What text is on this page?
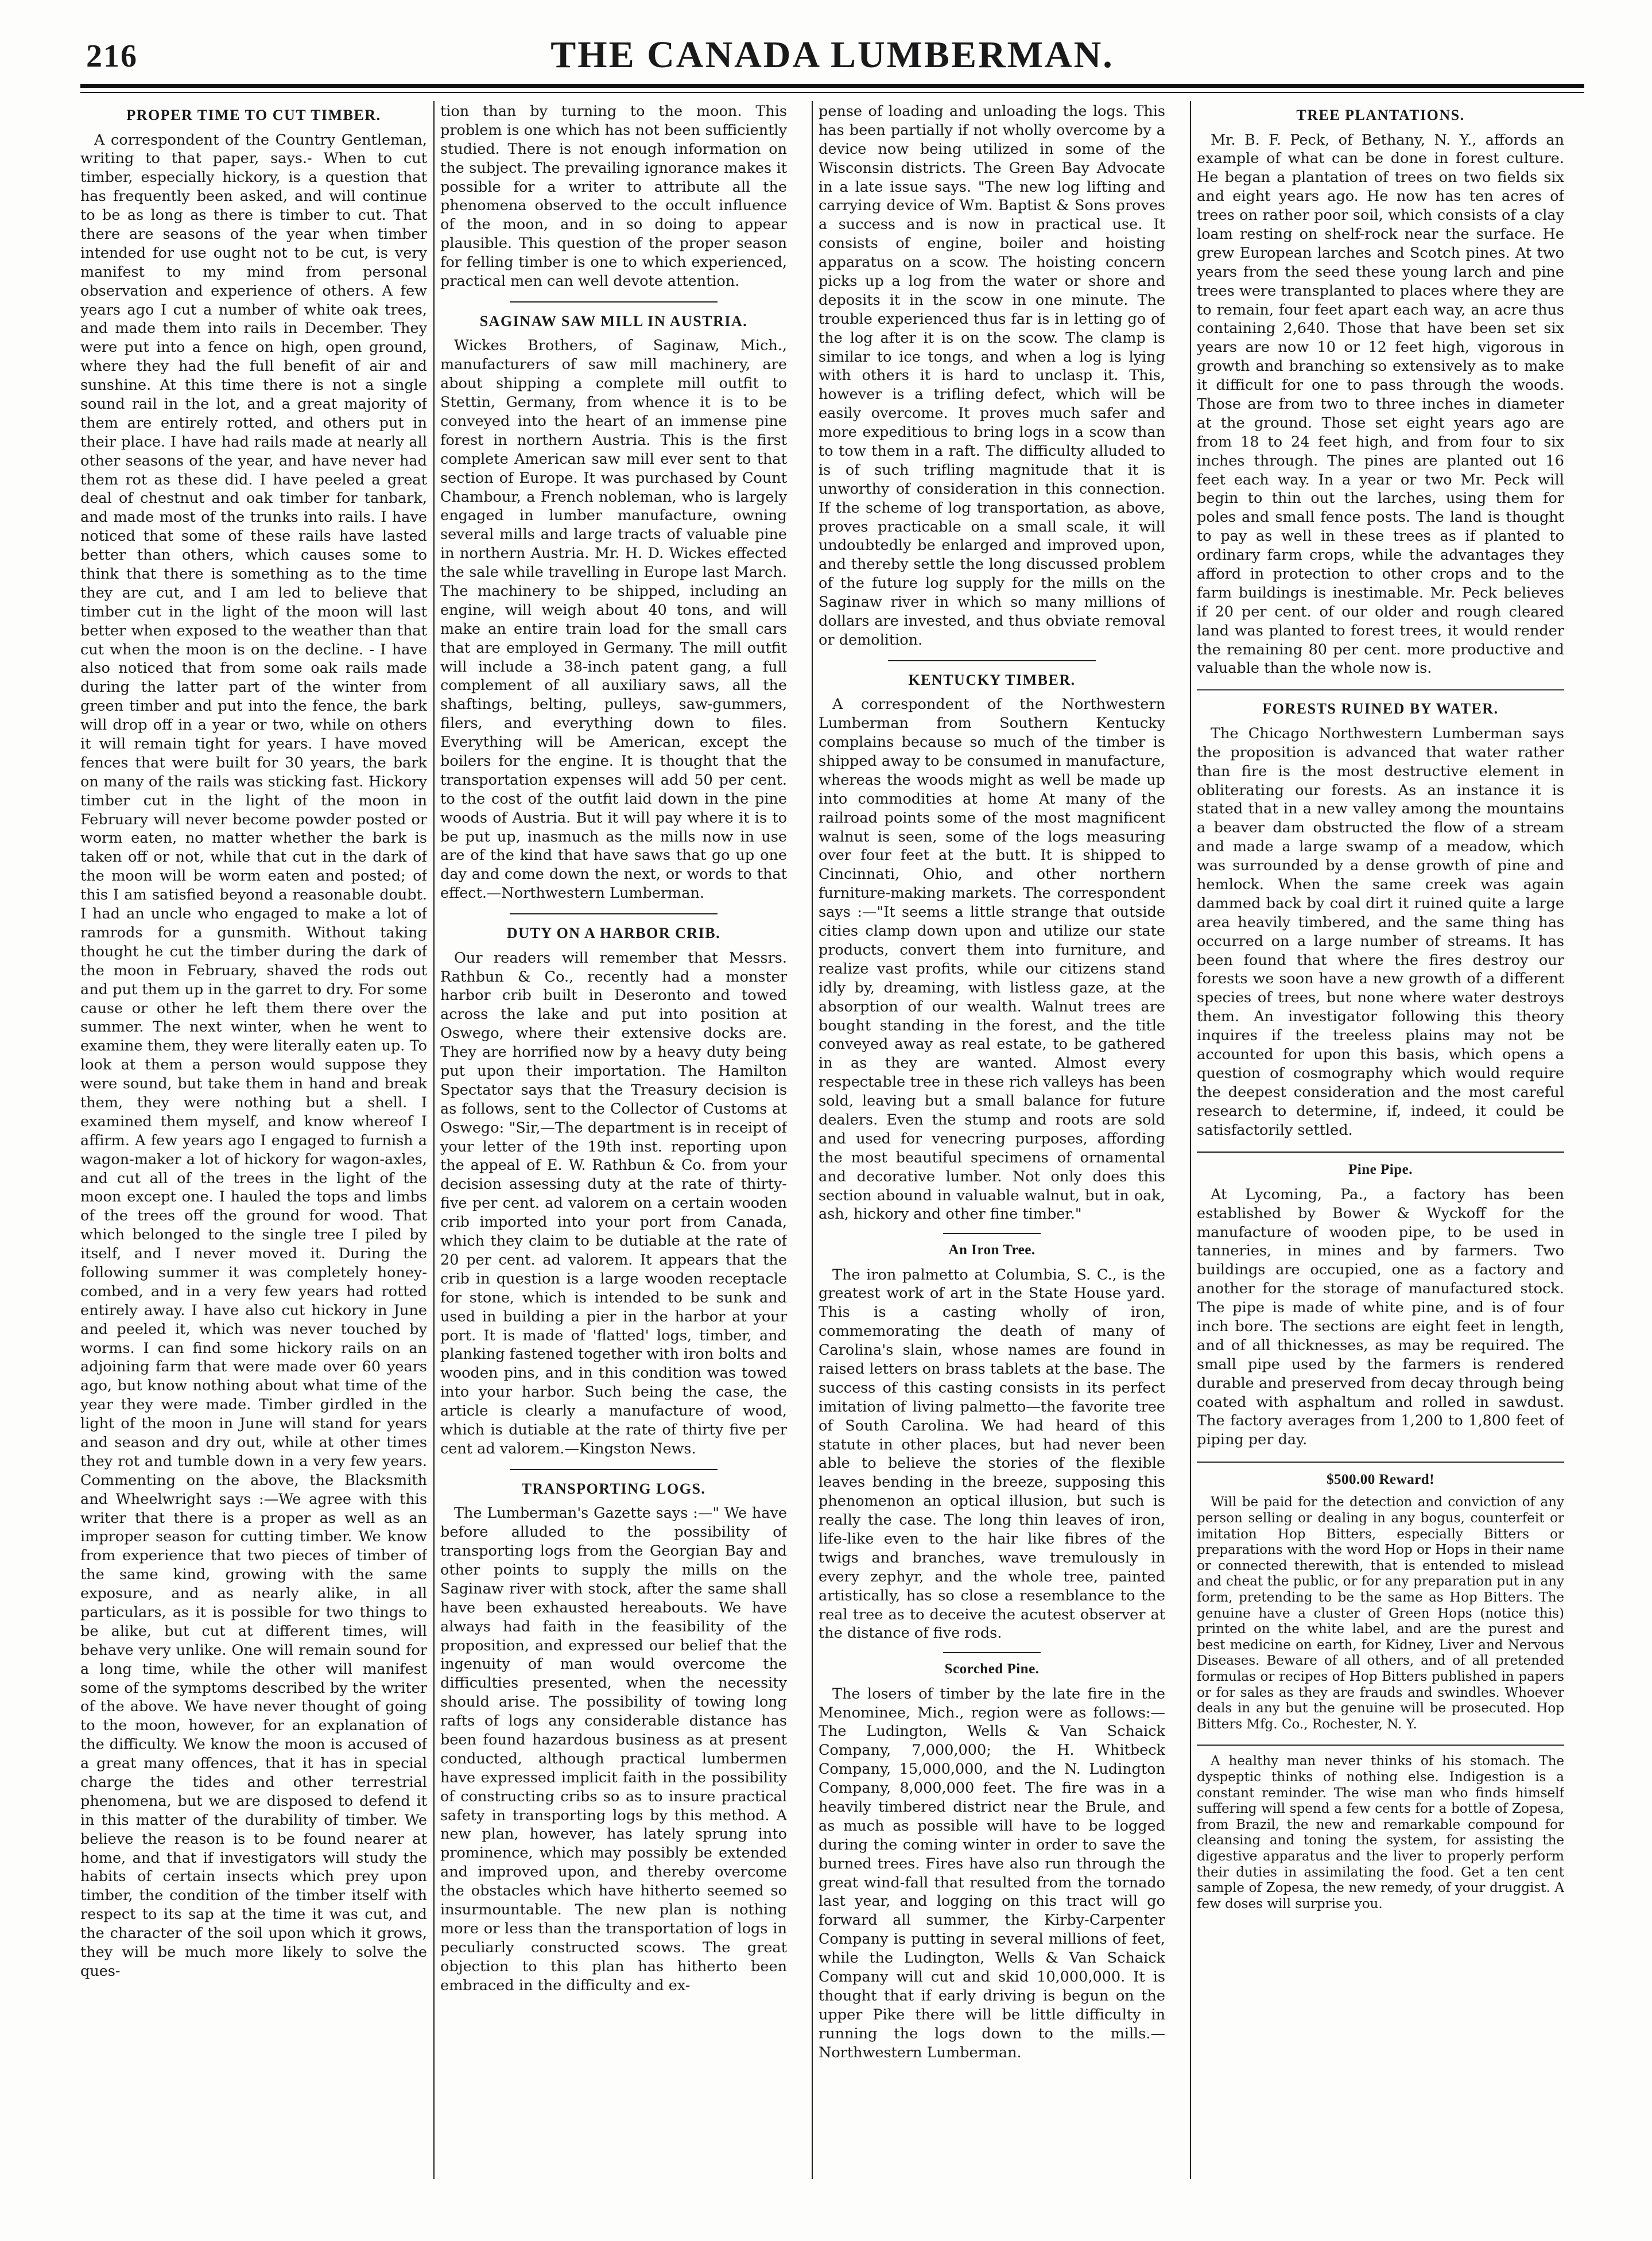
216	THE CANADA LUMBERMAN.
PROPER TIME TO CUT TIMBER.

A correspondent of the Country Gentleman, writing to that paper, says.- When to cut timber, especially hickory, is a question that has frequently been asked, and will continue to be as long as there is timber to cut. That there are seasons of the year when timber intended for use ought not to be cut, is very manifest to my mind from personal observation and experience of others. A few years ago I cut a number of white oak trees, and made them into rails in December. They were put into a fence on high, open ground, where they had the full benefit of air and sunshine. At this time there is not a single sound rail in the lot, and a great majority of them are entirely rotted, and others put in their place. I have had rails made at nearly all other seasons of the year, and have never had them rot as these did. I have peeled a great deal of chestnut and oak timber for tanbark, and made most of the trunks into rails. I have noticed that some of these rails have lasted better than others, which causes some to think that there is something as to the time they are cut, and I am led to believe that timber cut in the light of the moon will last better when exposed to the weather than that cut when the moon is on the decline. - I have also noticed that from some oak rails made during the latter part of the winter from green timber and put into the fence, the bark will drop off in a year or two, while on others it will remain tight for years. I have moved fences that were built for 30 years, the bark on many of the rails was sticking fast. Hickory timber cut in the light of the moon in February will never become powder posted or worm eaten, no matter whether the bark is taken off or not, while that cut in the dark of the moon will be worm eaten and posted; of this I am satisfied beyond a reasonable doubt. I had an uncle who engaged to make a lot of ramrods for a gunsmith. Without taking thought he cut the timber during the dark of the moon in February, shaved the rods out and put them up in the garret to dry. For some cause or other he left them there over the summer. The next winter, when he went to examine them, they were literally eaten up. To look at them a person would suppose they were sound, but take them in hand and break them, they were nothing but a shell. I examined them myself, and know whereof I affirm. A few years ago I engaged to furnish a wagon-maker a lot of hickory for wagon-axles, and cut all of the trees in the light of the moon except one. I hauled the tops and limbs of the trees off the ground for wood. That which belonged to the single tree I piled by itself, and I never moved it. During the following summer it was completely honey-combed, and in a very few years had rotted entirely away. I have also cut hickory in June and peeled it, which was never touched by worms. I can find some hickory rails on an adjoining farm that were made over 60 years ago, but know nothing about what time of the year they were made. Timber girdled in the light of the moon in June will stand for years and season and dry out, while at other times they rot and tumble down in a very few years. Commenting on the above, the Blacksmith and Wheelwright says :—We agree with this writer that there is a proper as well as an improper season for cutting timber. We know from experience that two pieces of timber of the same kind, growing with the same exposure, and as nearly alike, in all particulars, as it is possible for two things to be alike, but cut at different times, will behave very unlike. One will remain sound for a long time, while the other will manifest some of the symptoms described by the writer of the above. We have never thought of going to the moon, however, for an explanation of the difficulty. We know the moon is accused of a great many offences, that it has in special charge the tides and other terrestrial phenomena, but we are disposed to defend it in this matter of the durability of timber. We believe the reason is to be found nearer at home, and that if investigators will study the habits of certain insects which prey upon timber, the condition of the timber itself with respect to its sap at the time it was cut, and the character of the soil upon which it grows, they will be much more likely to solve the ques-

tion than by turning to the moon. This problem is one which has not been sufficiently studied. There is not enough information on the subject. The prevailing ignorance makes it possible for a writer to attribute all the phenomena observed to the occult influence of the moon, and in so doing to appear plausible. This question of the proper season for felling timber is one to which experienced, practical men can well devote attention.

SAGINAW SAW MILL IN AUSTRIA.

Wickes Brothers, of Saginaw, Mich., manufacturers of saw mill machinery, are about shipping a complete mill outfit to Stettin, Germany, from whence it is to be conveyed into the heart of an immense pine forest in northern Austria. This is the first complete American saw mill ever sent to that section of Europe. It was purchased by Count Chambour, a French nobleman, who is largely engaged in lumber manufacture, owning several mills and large tracts of valuable pine in northern Austria. Mr. H. D. Wickes effected the sale while travelling in Europe last March. The machinery to be shipped, including an engine, will weigh about 40 tons, and will make an entire train load for the small cars that are employed in Germany. The mill outfit will include a 38-inch patent gang, a full complement of all auxiliary saws, all the shaftings, belting, pulleys, saw-gummers, filers, and everything down to files. Everything will be American, except the boilers for the engine. It is thought that the transportation expenses will add 50 per cent. to the cost of the outfit laid down in the pine woods of Austria. But it will pay where it is to be put up, inasmuch as the mills now in use are of the kind that have saws that go up one day and come down the next, or words to that effect.—Northwestern Lumberman.

DUTY ON A HARBOR CRIB.

Our readers will remember that Messrs. Rathbun & Co., recently had a monster harbor crib built in Deseronto and towed across the lake and put into position at Oswego, where their extensive docks are. They are horrified now by a heavy duty being put upon their importation. The Hamilton Spectator says that the Treasury decision is as follows, sent to the Collector of Customs at Oswego: "Sir,—The department is in receipt of your letter of the 19th inst. reporting upon the appeal of E. W. Rathbun & Co. from your decision assessing duty at the rate of thirty-five per cent. ad valorem on a certain wooden crib imported into your port from Canada, which they claim to be dutiable at the rate of 20 per cent. ad valorem. It appears that the crib in question is a large wooden receptacle for stone, which is intended to be sunk and used in building a pier in the harbor at your port. It is made of 'flatted' logs, timber, and planking fastened together with iron bolts and wooden pins, and in this condition was towed into your harbor. Such being the case, the article is clearly a manufacture of wood, which is dutiable at the rate of thirty five per cent ad valorem.—Kingston News.

TRANSPORTING LOGS.

The Lumberman's Gazette says :—" We have before alluded to the possibility of transporting logs from the Georgian Bay and other points to supply the mills on the Saginaw river with stock, after the same shall have been exhausted hereabouts. We have always had faith in the feasibility of the proposition, and expressed our belief that the ingenuity of man would overcome the difficulties presented, when the necessity should arise. The possibility of towing long rafts of logs any considerable distance has been found hazardous business as at present conducted, although practical lumbermen have expressed implicit faith in the possibility of constructing cribs so as to insure practical safety in transporting logs by this method. A new plan, however, has lately sprung into prominence, which may possibly be extended and improved upon, and thereby overcome the obstacles which have hitherto seemed so insurmountable. The new plan is nothing more or less than the transportation of logs in peculiarly constructed scows. The great objection to this plan has hitherto been embraced in the difficulty and ex-

pense of loading and unloading the logs. This has been partially if not wholly overcome by a device now being utilized in some of the Wisconsin districts. The Green Bay Advocate in a late issue says. "The new log lifting and carrying device of Wm. Baptist & Sons proves a success and is now in practical use. It consists of engine, boiler and hoisting apparatus on a scow. The hoisting concern picks up a log from the water or shore and deposits it in the scow in one minute. The trouble experienced thus far is in letting go of the log after it is on the scow. The clamp is similar to ice tongs, and when a log is lying with others it is hard to unclasp it. This, however is a trifling defect, which will be easily overcome. It proves much safer and more expeditious to bring logs in a scow than to tow them in a raft. The difficulty alluded to is of such trifling magnitude that it is unworthy of consideration in this connection. If the scheme of log transportation, as above, proves practicable on a small scale, it will undoubtedly be enlarged and improved upon, and thereby settle the long discussed problem of the future log supply for the mills on the Saginaw river in which so many millions of dollars are invested, and thus obviate removal or demolition.

KENTUCKY TIMBER.

A correspondent of the Northwestern Lumberman from Southern Kentucky complains because so much of the timber is shipped away to be consumed in manufacture, whereas the woods might as well be made up into commodities at home At many of the railroad points some of the most magnificent walnut is seen, some of the logs measuring over four feet at the butt. It is shipped to Cincinnati, Ohio, and other northern furniture-making markets. The correspondent says :—"It seems a little strange that outside cities clamp down upon and utilize our state products, convert them into furniture, and realize vast profits, while our citizens stand idly by, dreaming, with listless gaze, at the absorption of our wealth. Walnut trees are bought standing in the forest, and the title conveyed away as real estate, to be gathered in as they are wanted. Almost every respectable tree in these rich valleys has been sold, leaving but a small balance for future dealers. Even the stump and roots are sold and used for venecring purposes, affording the most beautiful specimens of ornamental and decorative lumber. Not only does this section abound in valuable walnut, but in oak, ash, hickory and other fine timber."

An Iron Tree.

The iron palmetto at Columbia, S. C., is the greatest work of art in the State House yard. This is a casting wholly of iron, commemorating the death of many of Carolina's slain, whose names are found in raised letters on brass tablets at the base. The success of this casting consists in its perfect imitation of living palmetto—the favorite tree of South Carolina. We had heard of this statute in other places, but had never been able to believe the stories of the flexible leaves bending in the breeze, supposing this phenomenon an optical illusion, but such is really the case. The long thin leaves of iron, life-like even to the hair like fibres of the twigs and branches, wave tremulously in every zephyr, and the whole tree, painted artistically, has so close a resemblance to the real tree as to deceive the acutest observer at the distance of five rods.

Scorched Pine.

The losers of timber by the late fire in the Menominee, Mich., region were as follows:— The Ludington, Wells & Van Schaick Company, 7,000,000; the H. Whitbeck Company, 15,000,000, and the N. Ludington Company, 8,000,000 feet. The fire was in a heavily timbered district near the Brule, and as much as possible will have to be logged during the coming winter in order to save the burned trees. Fires have also run through the great wind-fall that resulted from the tornado last year, and logging on this tract will go forward all summer, the Kirby-Carpenter Company is putting in several millions of feet, while the Ludington, Wells & Van Schaick Company will cut and skid 10,000,000. It is thought that if early driving is begun on the upper Pike there will be little difficulty in running the logs down to the mills.—Northwestern Lumberman.

TREE PLANTATIONS.

Mr. B. F. Peck, of Bethany, N. Y., affords an example of what can be done in forest culture. He began a plantation of trees on two fields six and eight years ago. He now has ten acres of trees on rather poor soil, which consists of a clay loam resting on shelf-rock near the surface. He grew European larches and Scotch pines. At two years from the seed these young larch and pine trees were transplanted to places where they are to remain, four feet apart each way, an acre thus containing 2,640. Those that have been set six years are now 10 or 12 feet high, vigorous in growth and branching so extensively as to make it difficult for one to pass through the woods. Those are from two to three inches in diameter at the ground. Those set eight years ago are from 18 to 24 feet high, and from four to six inches through. The pines are planted out 16 feet each way. In a year or two Mr. Peck will begin to thin out the larches, using them for poles and small fence posts. The land is thought to pay as well in these trees as if planted to ordinary farm crops, while the advantages they afford in protection to other crops and to the farm buildings is inestimable. Mr. Peck believes if 20 per cent. of our older and rough cleared land was planted to forest trees, it would render the remaining 80 per cent. more productive and valuable than the whole now is.

FORESTS RUINED BY WATER.

The Chicago Northwestern Lumberman says the proposition is advanced that water rather than fire is the most destructive element in obliterating our forests. As an instance it is stated that in a new valley among the mountains a beaver dam obstructed the flow of a stream and made a large swamp of a meadow, which was surrounded by a dense growth of pine and hemlock. When the same creek was again dammed back by coal dirt it ruined quite a large area heavily timbered, and the same thing has occurred on a large number of streams. It has been found that where the fires destroy our forests we soon have a new growth of a different species of trees, but none where water destroys them. An investigator following this theory inquires if the treeless plains may not be accounted for upon this basis, which opens a question of cosmography which would require the deepest consideration and the most careful research to determine, if, indeed, it could be satisfactorily settled.

Pine Pipe.

At Lycoming, Pa., a factory has been established by Bower & Wyckoff for the manufacture of wooden pipe, to be used in tanneries, in mines and by farmers. Two buildings are occupied, one as a factory and another for the storage of manufactured stock. The pipe is made of white pine, and is of four inch bore. The sections are eight feet in length, and of all thicknesses, as may be required. The small pipe used by the farmers is rendered durable and preserved from decay through being coated with asphaltum and rolled in sawdust. The factory averages from 1,200 to 1,800 feet of piping per day.

$500.00 Reward!

Will be paid for the detection and conviction of any person selling or dealing in any bogus, counterfeit or imitation Hop Bitters, especially Bitters or preparations with the word Hop or Hops in their name or connected therewith, that is entended to mislead and cheat the public, or for any preparation put in any form, pretending to be the same as Hop Bitters. The genuine have a cluster of Green Hops (notice this) printed on the white label, and are the purest and best medicine on earth, for Kidney, Liver and Nervous Diseases. Beware of all others, and of all pretended formulas or recipes of Hop Bitters published in papers or for sales as they are frauds and swindles. Whoever deals in any but the genuine will be prosecuted. Hop Bitters Mfg. Co., Rochester, N. Y.

A healthy man never thinks of his stomach. The dyspeptic thinks of nothing else. Indigestion is a constant reminder. The wise man who finds himself suffering will spend a few cents for a bottle of Zopesa, from Brazil, the new and remarkable compound for cleansing and toning the system, for assisting the digestive apparatus and the liver to properly perform their duties in assimilating the food. Get a ten cent sample of Zopesa, the new remedy, of your druggist. A few doses will surprise you.
